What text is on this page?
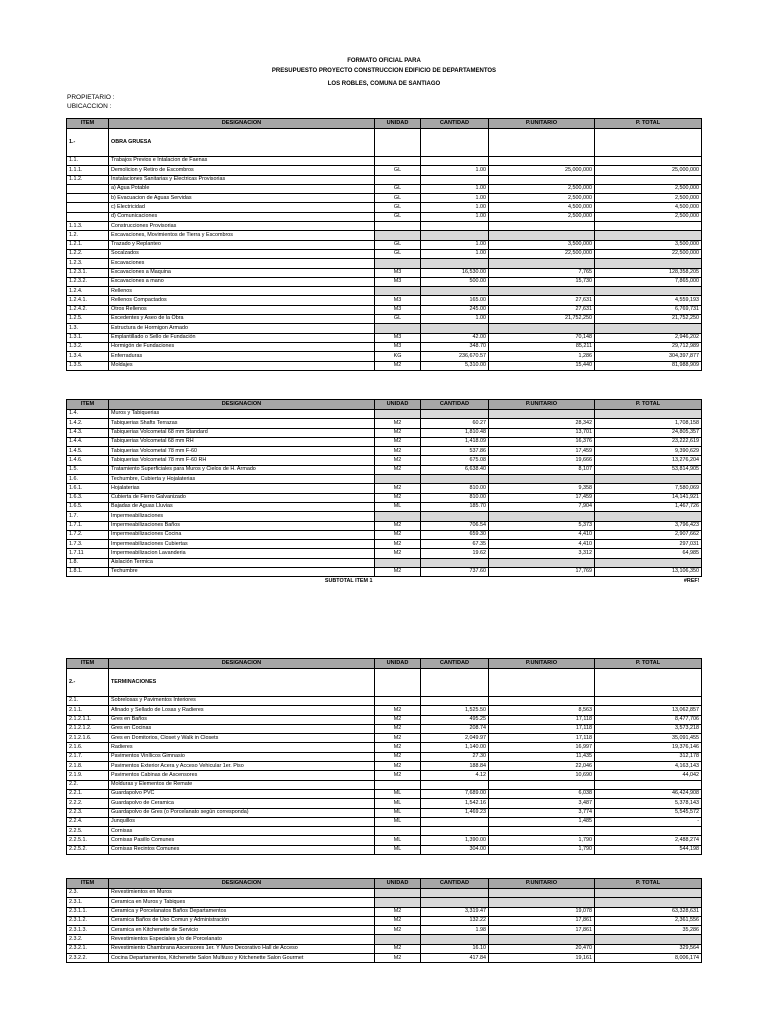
FORMATO OFICIAL PARA
PRESUPUESTO PROYECTO CONSTRUCCION EDIFICIO DE DEPARTAMENTOS
LOS ROBLES, COMUNA DE SANTIAGO
PROPIETARIO :
UBICACCION :
ITEM	DESIGNACION	UNIDAD	CANTIDAD	P.UNITARIO	P. TOTAL
1.-	OBRA GRUESA				
1.1.	Trabajos Previos e Intalacion de Faenas				
1.1.1.	Demolicion y Retiro de Escombros	GL	1.00	25,000,000	25,000,000
1.1.2.	Instalaciones Sanitarias y Electricas Provisorias				
	a) Agua Potable	GL	1.00	2,500,000	2,500,000
	b) Evacuacion de Aguas Servidas	GL	1.00	2,500,000	2,500,000
	c) Electricidad	GL	1.00	4,500,000	4,500,000
	d) Comunicaciones	GL	1.00	2,500,000	2,500,000
1.1.3.	Construcciones Provisorias				
1.2.	Excavaciones, Movimientos de Tierra y Escombros				
1.2.1.	Trazado y Replanteo	GL	1.00	3,500,000	3,500,000
1.2.2.	Socalzados	GL	1.00	22,500,000	22,500,000
1.2.3.	Excavaciones				
1.2.3.1.	Excavaciones a Maquina	M3	16,530.00	7,765	128,358,205
1.2.3.2.	Excavaciones a mano	M3	500.00	15,730	7,865,000
1.2.4.	Rellenos				
1.2.4.1.	Rellenos Compactados	M3	165.00	27,631	4,559,193
1.2.4.2.	Otros Rellenos	M3	245.00	27,631	6,769,731
1.2.5.	Excedentes y Aseo de la Obra	GL	1.00	21,752,250	21,752,250
1.3.	Estructura de Hormigon Armado				
1.3.1.	Emplantillado o Sello de Fundación	M3	42.00	70,148	2,946,202
1.3.2.	Hormigón de Fundaciones	M3	348.70	85,211	29,712,989
1.3.4.	Enferraduras	KG	236,670.57	1,286	304,397,877
1.3.5.	Moldajes	M2	5,310.00	15,440	81,988,909
ITEM	DESIGNACION	UNIDAD	CANTIDAD	P.UNITARIO	P. TOTAL
1.4.	Muros y Tabiquerias				
1.4.2.	Tabiquerias Shafts Terrazas	M2	60.27	28,342	1,708,158
1.4.3.	Tabiquerias Volcometal 68 mm Standard	M2	1,810.48	13,701	24,805,357
1.4.4.	Tabiquerias Volcometal 68 mm RH	M2	1,418.09	16,376	23,222,619
1.4.5.	Tabiquerias Volcometal 78 mm F-60	M2	537.86	17,459	9,390,629
1.4.6.	Tabiquerias Volcometal 78 mm F-60 RH	M2	675.08	19,666	13,276,204
1.5.	Tratamiento Superficiales para Muros y Cielos de H. Armado	M2	6,638.40	8,107	53,814,905
1.6.	Techumbre, Cubierta y Hojalaterias				
1.6.1.	Hojalaterias	M2	810.00	9,358	7,580,069
1.6.3.	Cubierta de Fierro Galvanizado	M2	810.00	17,459	14,141,921
1.6.5.	Bajadas de Aguas Lluvias	ML	185.70	7,904	1,467,726
1.7.	Impermeabilizaciones				
1.7.1.	Impermeabilizaciones Baños	M2	706.54	5,373	3,796,423
1.7.2.	Impermeabilizaciones Cocina	M2	659.30	4,410	2,907,662
1.7.3.	Impermeabilizaciones Cubiertas	M2	67.35	4,410	297,031
1.7.11	Impermeabilizacion Lavanderia	M2	19.62	3,312	64,985
1.8.	Aislación Termica				
1.8.1.	Techumbre	M2	737.60	17,769	13,106,350
	SUBTOTAL ITEM 1				#REF!
ITEM	DESIGNACION	UNIDAD	CANTIDAD	P.UNITARIO	P. TOTAL
2.-	TERMINACIONES				
2.1.	Sobrelosas y Pavimentos Interiores				
2.1.1.	Afinado y Sellado de Losas y Radieres	M2	1,525.50	8,563	13,062,857
2.1.2.1.1.	Gres en Baños	M2	495.25	17,118	8,477,706
2.1.2.1.2.	Gres en Cocinas	M2	208.74	17,118	3,573,218
2.1.2.1.6.	Gres en Domitorios, Closet y Walk in Closets	M2	2,049.97	17,118	35,091,455
2.1.6.	Radieres	M2	1,140.00	16,997	19,376,146
2.1.7.	Pavimentos Vinílicos Gimnasio	M2	27.30	11,435	312,178
2.1.8.	Pavimentos Exterior Acera y Acceso Vehicular 1er. Piso	M2	188.84	22,046	4,163,143
2.1.9.	Pavimentos Cabinas de Ascensores	M2	4.12	10,690	44,042
2.2.	Molduras y Elementos de Remate				
2.2.1.	Guardapolvo PVC	ML	7,689.00	6,038	46,424,908
2.2.2.	Guardapolvo de Ceramica	ML	1,542.16	3,487	5,378,143
2.2.3.	Guardapolvo de Gres (o Porcelanato según corresponda)	ML	1,469.23	3,774	5,545,572
2.2.4.	Junquillos	ML		1,485	-
2.2.5.	Cornisas				
2.2.5.1.	Cornisas Pasillo Comunes	ML	1,390.00	1,790	2,488,274
2.2.5.2.	Cornisas Recintos Comunes	ML	304.00	1,790	544,198
ITEM	DESIGNACION	UNIDAD	CANTIDAD	P.UNITARIO	P. TOTAL
2.3.	Revestimientos en Muros				
2.3.1.	Ceramica en Muros y Tabiques				
2.3.1.1.	Ceramica y Porcelanatos Baños Departamentos	M2	3,319.47	19,078	63,328,631
2.3.1.2.	Ceramica Baños de Uso Comun y Administración	M2	132.22	17,861	2,361,556
2.3.1.3.	Ceramica en Kitchenette de Servicio	M2	1.98	17,861	35,286
2.3.2.	Revestimientos Especiales y/o de Porcelanato				
2.3.2.1.	Revestimiento Chambrana Ascensores 1er. Y Muro Decorativo Hall de Acceso	M2	16.10	20,470	329,564
2.3.2.2.	Cocina Departamentos, Kitchenette Salon Multiuso y Kitchenette Salon Gourmet	M2	417.84	19,161	8,006,174
